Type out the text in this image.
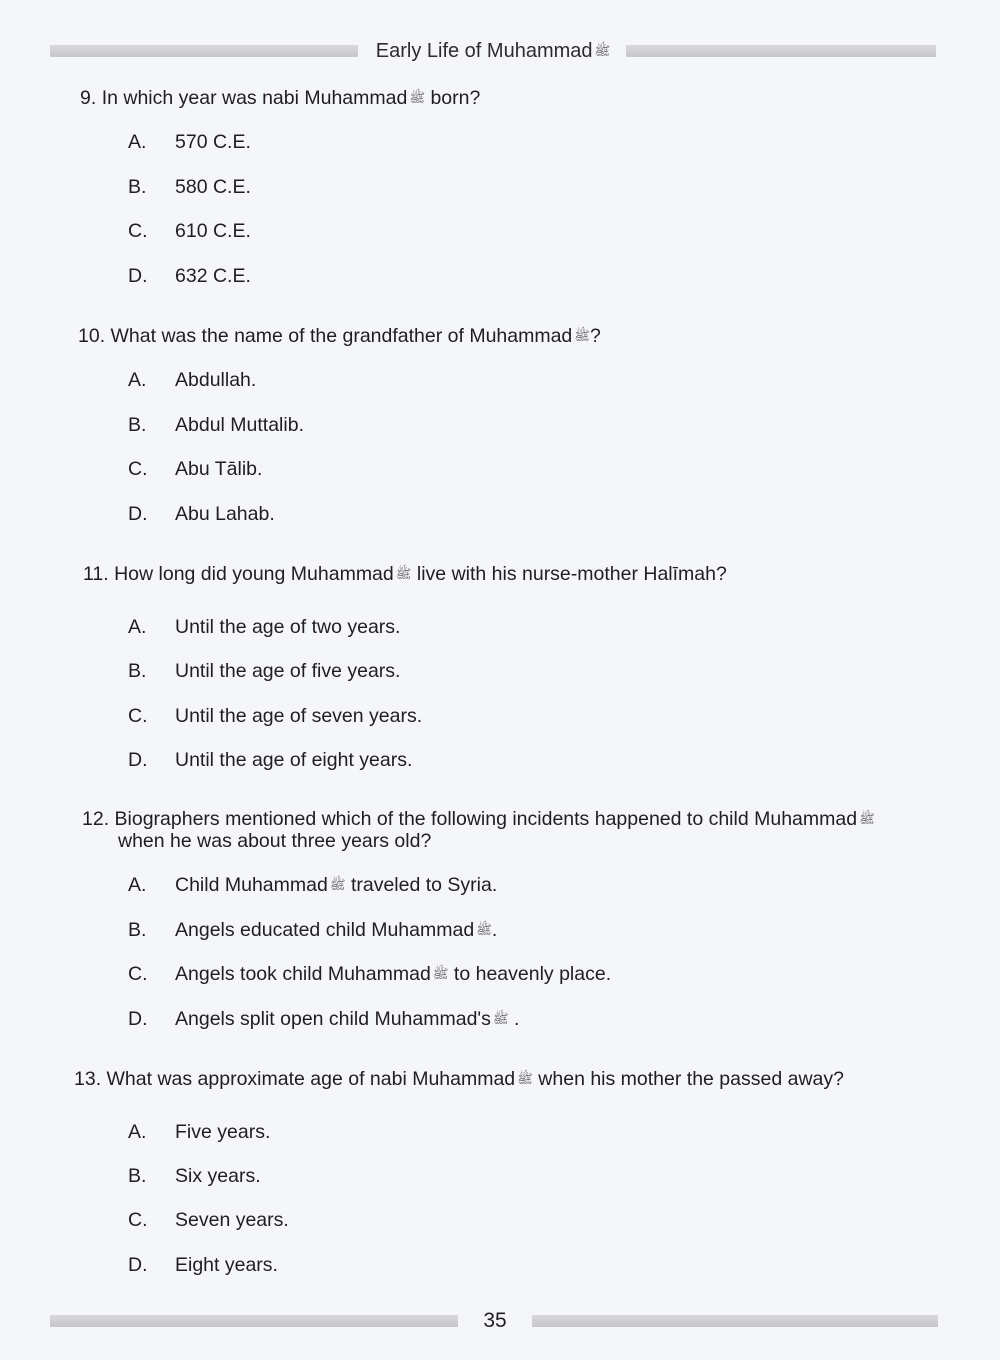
Early Life of Muhammad ﷺ
9. In which year was nabi Muhammad ﷺ born?
A. 570 C.E.
B. 580 C.E.
C. 610 C.E.
D. 632 C.E.
10. What was the name of the grandfather of Muhammad ﷺ?
A. Abdullah.
B. Abdul Muttalib.
C. Abu Tālib.
D. Abu Lahab.
11. How long did young Muhammad ﷺ live with his nurse-mother Halīmah?
A. Until the age of two years.
B. Until the age of five years.
C. Until the age of seven years.
D. Until the age of eight years.
12. Biographers mentioned which of the following incidents happened to child Muhammad ﷺ
when he was about three years old?
A. Child Muhammad ﷺ traveled to Syria.
B. Angels educated child Muhammad ﷺ.
C. Angels took child Muhammad ﷺ to heavenly place.
D. Angels split open child Muhammad's ﷺ .
13. What was approximate age of nabi Muhammad ﷺ when his mother the passed away?
A. Five years.
B. Six years.
C. Seven years.
D. Eight years.
35
